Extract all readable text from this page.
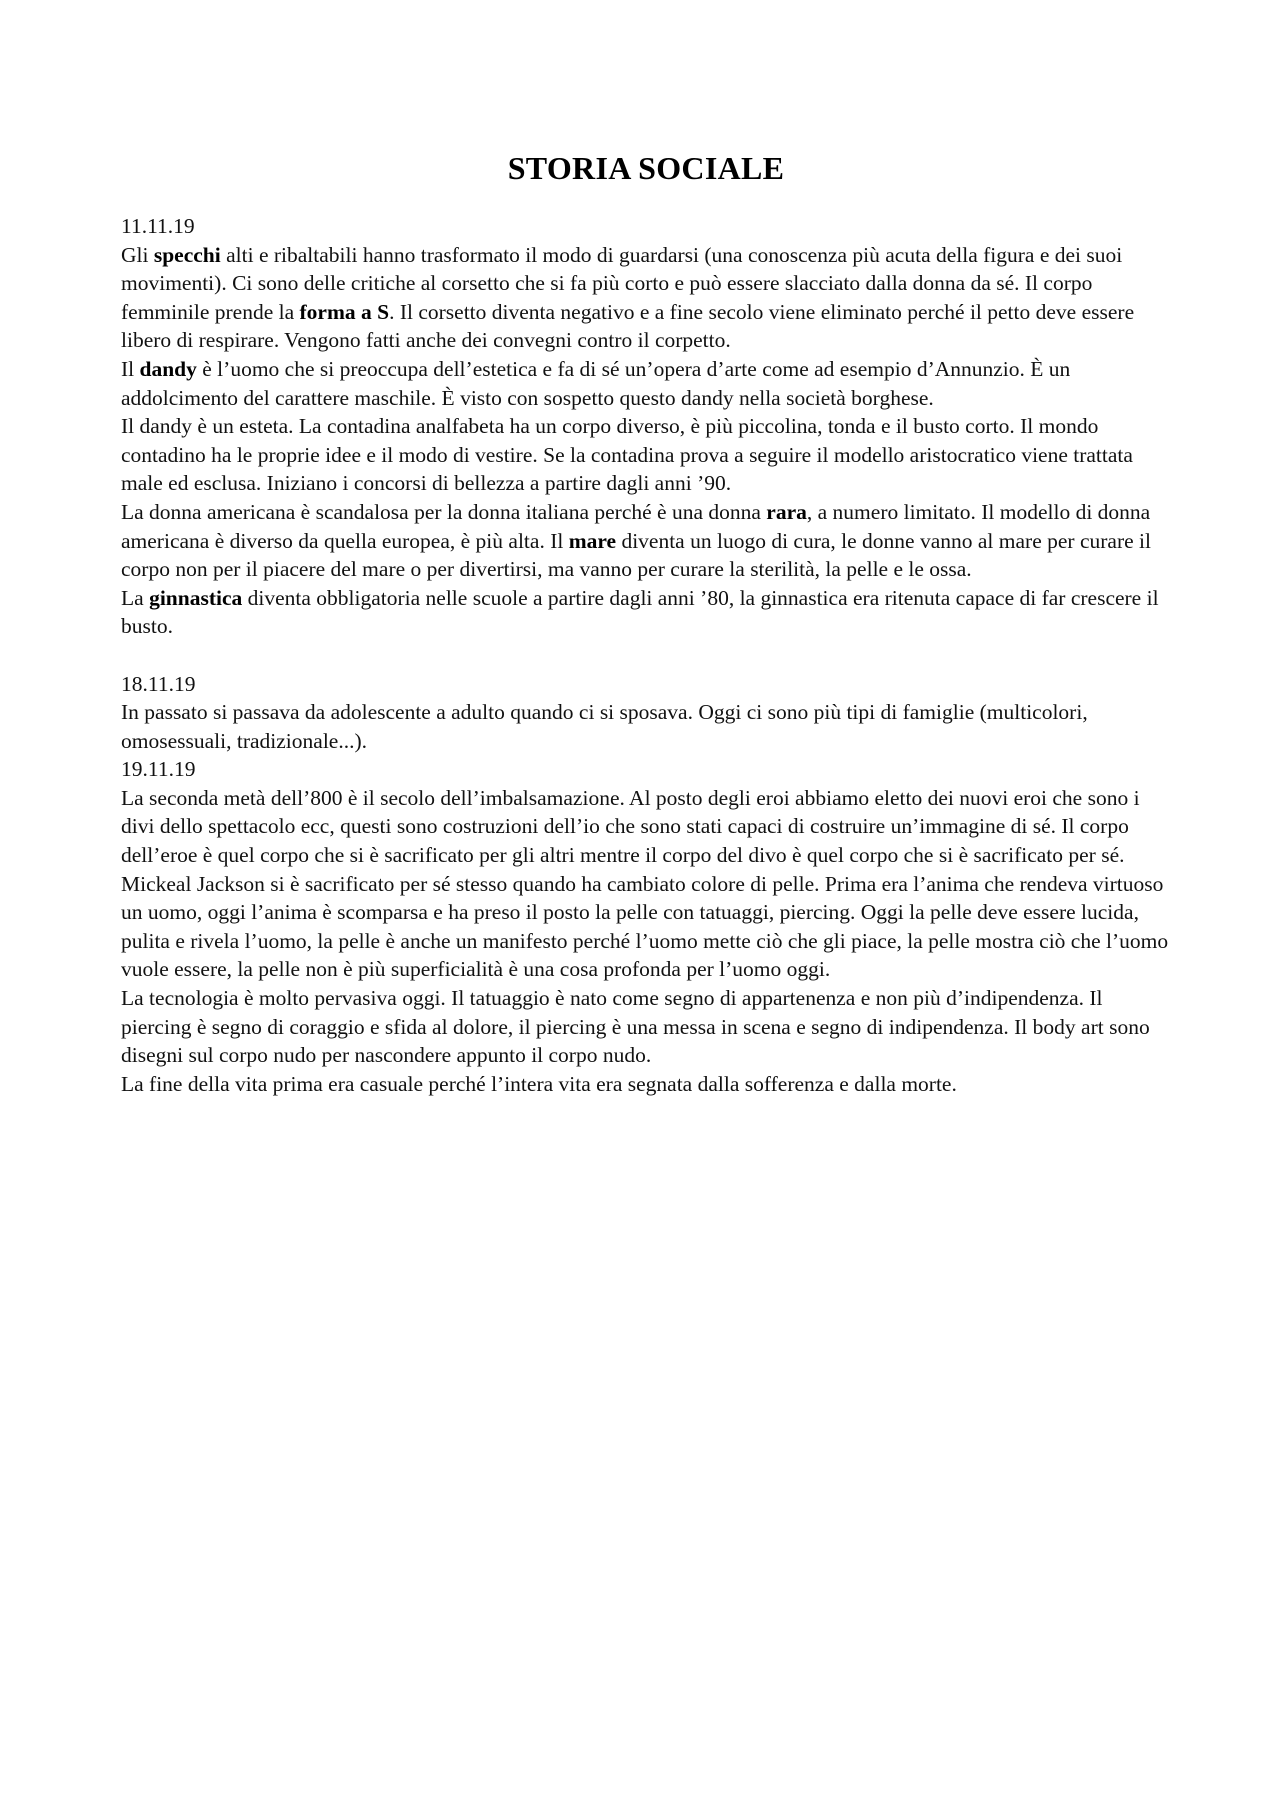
STORIA SOCIALE
11.11.19

Gli specchi alti e ribaltabili hanno trasformato il modo di guardarsi (una conoscenza più acuta della figura e dei suoi movimenti). Ci sono delle critiche al corsetto che si fa più corto e può essere slacciato dalla donna da sé. Il corpo femminile prende la forma a S. Il corsetto diventa negativo e a fine secolo viene eliminato perché il petto deve essere libero di respirare. Vengono fatti anche dei convegni contro il corpetto.

Il dandy è l’uomo che si preoccupa dell’estetica e fa di sé un’opera d’arte come ad esempio d’Annunzio. È un addolcimento del carattere maschile. È visto con sospetto questo dandy nella società borghese.

Il dandy è un esteta. La contadina analfabeta ha un corpo diverso, è più piccolina, tonda e il busto corto. Il mondo contadino ha le proprie idee e il modo di vestire. Se la contadina prova a seguire il modello aristocratico viene trattata male ed esclusa. Iniziano i concorsi di bellezza a partire dagli anni ’90.

La donna americana è scandalosa per la donna italiana perché è una donna rara, a numero limitato. Il modello di donna americana è diverso da quella europea, è più alta. Il mare diventa un luogo di cura, le donne vanno al mare per curare il corpo non per il piacere del mare o per divertirsi, ma vanno per curare la sterilità, la pelle e le ossa.

La ginnastica diventa obbligatoria nelle scuole a partire dagli anni ’80, la ginnastica era ritenuta capace di far crescere il busto.

18.11.19

In passato si passava da adolescente a adulto quando ci si sposava. Oggi ci sono più tipi di famiglie (multicolori, omosessuali, tradizionale...).

19.11.19

La seconda metà dell’800 è il secolo dell’imbalsamazione. Al posto degli eroi abbiamo eletto dei nuovi eroi che sono i divi dello spettacolo ecc, questi sono costruzioni dell’io che sono stati capaci di costruire un’immagine di sé. Il corpo dell’eroe è quel corpo che si è sacrificato per gli altri mentre il corpo del divo è quel corpo che si è sacrificato per sé. Mickeal Jackson si è sacrificato per sé stesso quando ha cambiato colore di pelle. Prima era l’anima che rendeva virtuoso un uomo, oggi l’anima è scomparsa e ha preso il posto la pelle con tatuaggi, piercing. Oggi la pelle deve essere lucida, pulita e rivela l’uomo, la pelle è anche un manifesto perché l’uomo mette ciò che gli piace, la pelle mostra ciò che l’uomo vuole essere, la pelle non è più superficialità è una cosa profonda per l’uomo oggi.

La tecnologia è molto pervasiva oggi. Il tatuaggio è nato come segno di appartenenza e non più d’indipendenza. Il piercing è segno di coraggio e sfida al dolore, il piercing è una messa in scena e segno di indipendenza. Il body art sono disegni sul corpo nudo per nascondere appunto il corpo nudo.

La fine della vita prima era casuale perché l’intera vita era segnata dalla sofferenza e dalla morte.
